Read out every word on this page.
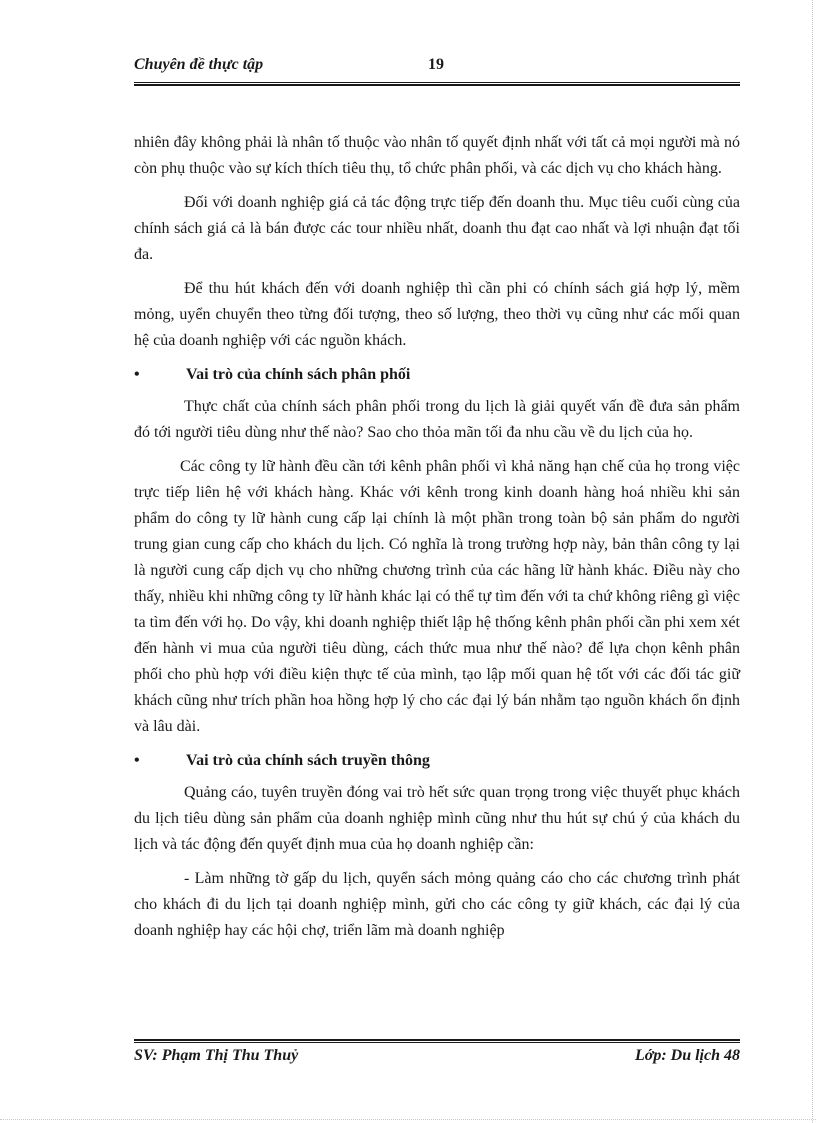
Chuyên đề thực tập	19

nhiên đây không phải là nhân tố thuộc vào nhân tố quyết định nhất với tất cả mọi người mà nó còn phụ thuộc vào sự kích thích tiêu thụ, tổ chức phân phối, và các dịch vụ cho khách hàng.

Đối với doanh nghiệp giá cả tác động trực tiếp đến doanh thu. Mục tiêu cuối cùng của chính sách giá cả là bán được các tour nhiều nhất, doanh thu đạt cao nhất và lợi nhuận đạt tối đa.

Để thu hút khách đến với doanh nghiệp thì cần phi có chính sách giá hợp lý, mềm mỏng, uyển chuyển theo từng đối tượng, theo số lượng, theo thời vụ cũng như các mối quan hệ của doanh nghiệp với các nguồn khách.

•	Vai trò của chính sách phân phối

Thực chất của chính sách phân phối trong du lịch là giải quyết vấn đề đưa sản phẩm đó tới người tiêu dùng như thế nào? Sao cho thỏa mãn tối đa nhu cầu về du lịch của họ.

Các công ty lữ hành đều cần tới kênh phân phối vì khả năng hạn chế của họ trong việc trực tiếp liên hệ với khách hàng. Khác với kênh trong kinh doanh hàng hoá nhiều khi sản phẩm do công ty lữ hành cung cấp lại chính là một phần trong toàn bộ sản phẩm do người trung gian cung cấp cho khách du lịch. Có nghĩa là trong trường hợp này, bản thân công ty lại là người cung cấp dịch vụ cho những chương trình của các hãng lữ hành khác. Điều này cho thấy, nhiều khi những công ty lữ hành khác lại có thể tự tìm đến với ta chứ không riêng gì việc ta tìm đến với họ. Do vậy, khi doanh nghiệp thiết lập hệ thống kênh phân phối cần phi xem xét đến hành vi mua của người tiêu dùng, cách thức mua như thế nào? để lựa chọn kênh phân phối cho phù hợp với điều kiện thực tế của mình, tạo lập mối quan hệ tốt với các đối tác giữ khách cũng như trích phần hoa hồng hợp lý cho các đại lý bán nhằm tạo nguồn khách ổn định và lâu dài.

•	Vai trò của chính sách truyền thông

Quảng cáo, tuyên truyền đóng vai trò hết sức quan trọng trong việc thuyết phục khách du lịch tiêu dùng sản phẩm của doanh nghiệp mình cũng như thu hút sự chú ý của khách du lịch và tác động đến quyết định mua của họ doanh nghiệp cần:

- Làm những tờ gấp du lịch, quyển sách mỏng quảng cáo cho các chương trình phát cho khách đi du lịch tại doanh nghiệp mình, gửi cho các công ty giữ khách, các đại lý của doanh nghiệp hay các hội chợ, triển lãm mà doanh nghiệp

SV: Phạm Thị Thu Thuỷ	Lớp: Du lịch 48
